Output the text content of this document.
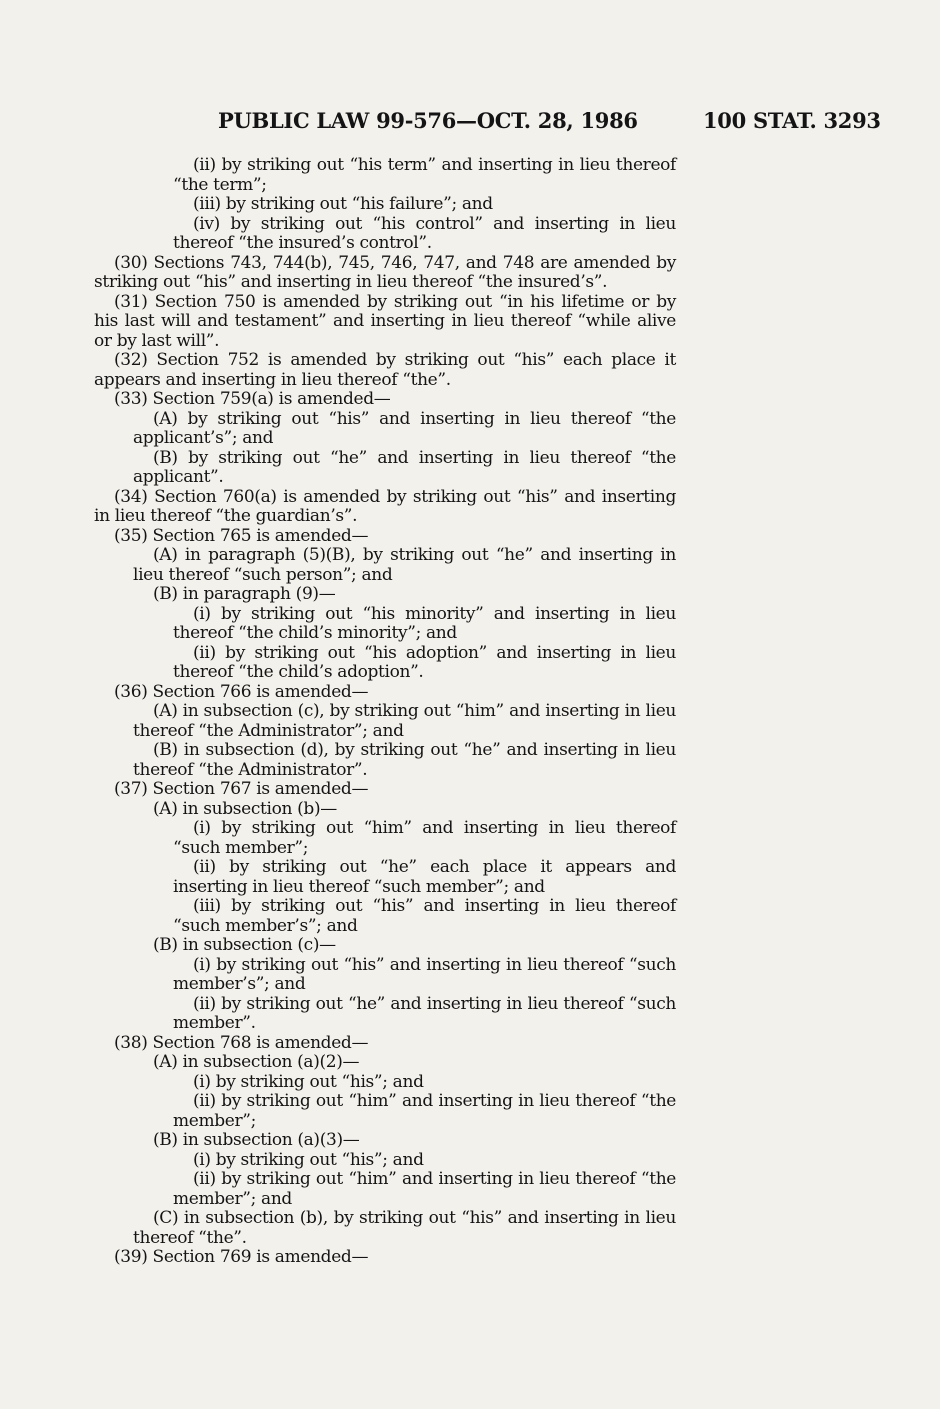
PUBLIC LAW 99-576—OCT. 28, 1986	100 STAT. 3293

(ii) by striking out “his term” and inserting in lieu thereof “the term”;

(iii) by striking out “his failure”; and

(iv) by striking out “his control” and inserting in lieu thereof “the insured’s control”.

(30) Sections 743, 744(b), 745, 746, 747, and 748 are amended by striking out “his” and inserting in lieu thereof “the insured’s”.

(31) Section 750 is amended by striking out “in his lifetime or by his last will and testament” and inserting in lieu thereof “while alive or by last will”.

(32) Section 752 is amended by striking out “his” each place it appears and inserting in lieu thereof “the”.

(33) Section 759(a) is amended—

(A) by striking out “his” and inserting in lieu thereof “the applicant’s”; and

(B) by striking out “he” and inserting in lieu thereof “the applicant”.

(34) Section 760(a) is amended by striking out “his” and inserting in lieu thereof “the guardian’s”.

(35) Section 765 is amended—

(A) in paragraph (5)(B), by striking out “he” and inserting in lieu thereof “such person”; and

(B) in paragraph (9)—

(i) by striking out “his minority” and inserting in lieu thereof “the child’s minority”; and

(ii) by striking out “his adoption” and inserting in lieu thereof “the child’s adoption”.

(36) Section 766 is amended—

(A) in subsection (c), by striking out “him” and inserting in lieu thereof “the Administrator”; and

(B) in subsection (d), by striking out “he” and inserting in lieu thereof “the Administrator”.

(37) Section 767 is amended—

(A) in subsection (b)—

(i) by striking out “him” and inserting in lieu thereof “such member”;

(ii) by striking out “he” each place it appears and inserting in lieu thereof “such member”; and

(iii) by striking out “his” and inserting in lieu thereof “such member’s”; and

(B) in subsection (c)—

(i) by striking out “his” and inserting in lieu thereof “such member’s”; and

(ii) by striking out “he” and inserting in lieu thereof “such member”.

(38) Section 768 is amended—

(A) in subsection (a)(2)—

(i) by striking out “his”; and

(ii) by striking out “him” and inserting in lieu thereof “the member”;

(B) in subsection (a)(3)—

(i) by striking out “his”; and

(ii) by striking out “him” and inserting in lieu thereof “the member”; and

(C) in subsection (b), by striking out “his” and inserting in lieu thereof “the”.

(39) Section 769 is amended—
